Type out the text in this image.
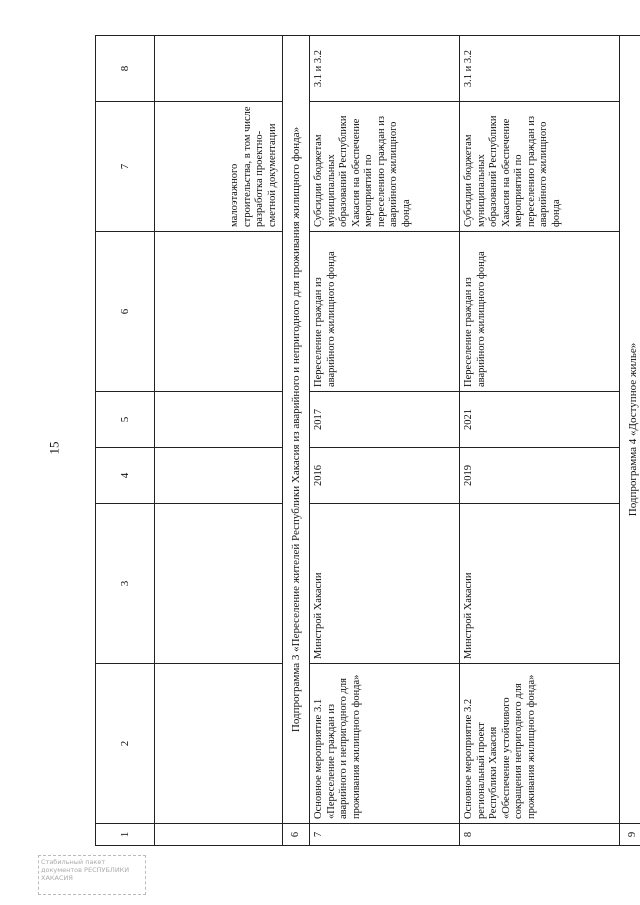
15
1	2	3	4	5	6	7	8
						малоэтажного строительства, в том числе разработка проектно-сметной документации	
6	Подпрограмма 3 «Переселение жителей Республики Хакасия из аварийного и непригодного для проживания жилищного фонда»						
7	Основное мероприятие 3.1 «Переселение граждан из аварийного и непригодного для проживания жилищного фонда»	Минстрой Хакасии	2016	2017	Переселение граждан из аварийного жилищного фонда	Субсидии бюджетам муниципальных образований Республики Хакасия на обеспечение мероприятий по переселению граждан из аварийного жилищного фонда	3.1 и 3.2
8	Основное мероприятие 3.2 региональный проект Республики Хакасия «Обеспечение устойчивого сокращения непригодного для проживания жилищного фонда»	Минстрой Хакасии	2019	2021	Переселение граждан из аварийного жилищного фонда	Субсидии бюджетам муниципальных образований Республики Хакасия на обеспечение мероприятий по переселению граждан из аварийного жилищного фонда	3.1 и 3.2
9	Подпрограмма 4 «Доступное жилье»						
Стабильный пакет документов РЕСПУБЛИКИ ХАКАСИЯ
